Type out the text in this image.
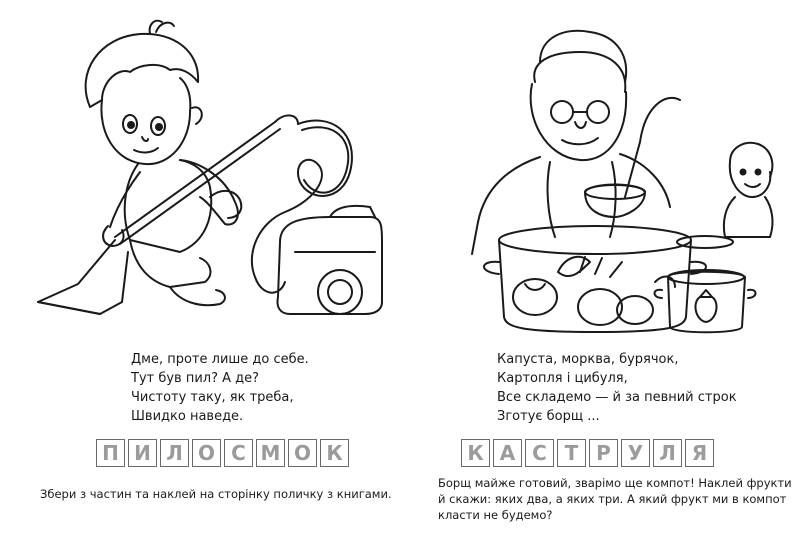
Дме, проте лише до себе.
Тут був пил? А де?
Чистоту таку, як треба,
Швидко наведе.
П И Л О С М О К
Збери з частин та наклей на сторінку поличку з книгами.
Капуста, морква, бурячок,
Картопля і цибуля,
Все складемо — й за певний строк
Зготує борщ ...
К А С Т Р У Л Я
Борщ майже готовий, зварімо ще компот! Наклей фрукти
й скажи: яких два, а яких три. А який фрукт ми в компот
класти не будемо?
